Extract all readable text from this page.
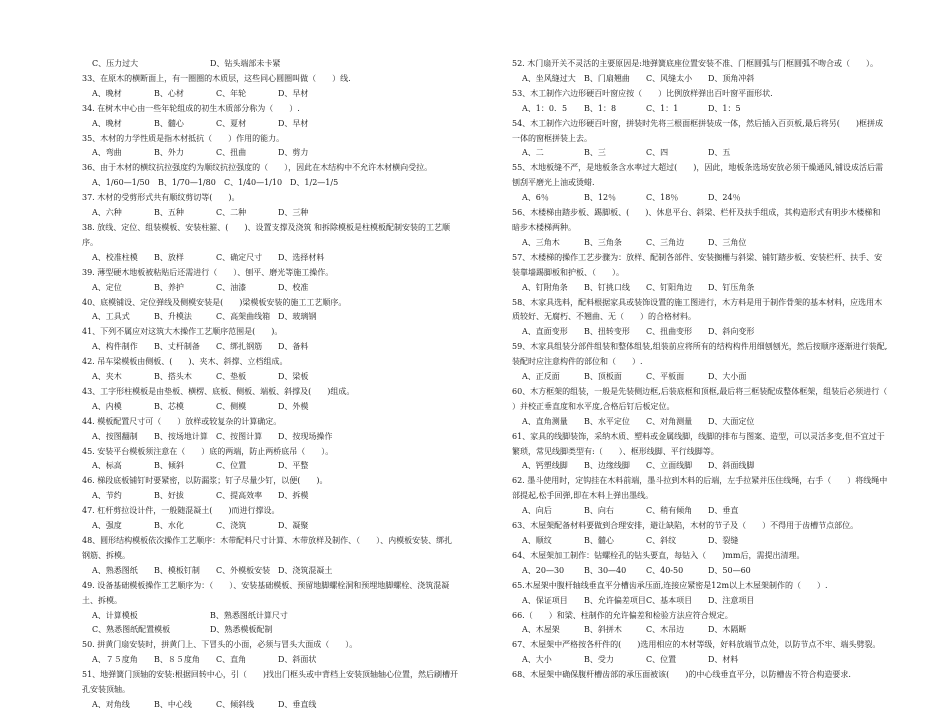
C、压力过大	D、钻头端部未卡紧

33、在原木的横断面上，有一圈圈的木质层，这些同心圆圈叫做（　　）线.

A、晚材	B、心材	C、年轮	D、早材

34. 在树木中心由一些年轮组成的初生木质部分称为（　　）.

A、晚材	B、髓心	C、夏材	D、早材

35、木材的力学性质是指木材抵抗（　　）作用的能力。

A、弯曲	B、外力	C、扭曲	D、剪力

36、由于木材的横纹抗拉强度约为顺纹抗拉强度的（　　），因此在木结构中不允许木材横向受拉。

A、1/60—1/50	B、1/70—1/80	C、1/40—1/10 D、1/2—1/5

37. 木材的受剪形式共有顺纹剪切等(　　)。

A、六种	B、五种	C、二种	D、三种

38. 放线、定位、组装模板、安装柱箍、(　　)、设置支撑及浇筑 和拆除模板是柱模板配制安装的工艺顺序。

A、校准柱模	B、放样	C、确定尺寸	D、选择材料

39. 薄型硬木地板被粘贴后还需进行（　　）、刨平、磨光等施工操作。

A、定位	B、养护	C、油漆	D、校准

40、底模铺设、定位弹线及侧模安装是(　　)梁模板安装的施工工艺顺序。

A、工具式	B、升模法	C、高架曲线箱 D、玻璃钢

41、下列不属应对这筑大木操作工艺顺序范围是(　　)。

A、构件制作	B、丈杆制备	C、绑扎钢筋	D、备料

42. 吊车梁模板由侧板、(　　)、夹木、斜撑、立档组成。

A、夹木	B、搭头木	C、垫板	D、梁板

43、工字形柱模板是由垫板、横楞、底板、侧板、端板、斜撑及(　　)组成。

A、内模	B、芯模	C、侧模	D、外模

44. 模板配置尺寸可（　　）放样或较复杂的计算确定。

A、按图翻制	B、按场地计算	C、按图计算	D、按现场操作

45. 安装平台模板须注意在（　　）底的两端，防止两桥底吊（　　）。

A、标高	B、倾斜	C、位置	D、平整

46. 梯段底板铺钉时要紧密，以防漏浆；钉子尽量少钉，以便(　　)。

A、节约	B、好拔	C、提高效率	D、拆模

47. 杠杆剪拉设计件，一般随混凝土(　　)而进行撑设。

A、强度	B、水化	C、浇筑	D、凝聚

48、圆形结构模板依次操作工艺顺序：木带配料尺寸计算、木带放样及制作、（　　）、内模板安装、绑扎钢筋、拆模。

A、熟悉图纸	B、模板钉制	C、外模板安装 D、浇筑混凝土

49. 设备基础模板操作工艺顺序为：（　　）、安装基础模板、预留地脚螺栓洞和预埋地脚螺栓、浇筑混凝土、拆模。

A、计算模板	B、熟悉图纸计算尺寸
C、熟悉图纸配置模板	D、熟悉模板配制

50. 拼黄门扇安装时，拼黄门上、下冒头的小面，必须与冒头大面成（　　）。

A、７５度角	B、８５度角	C、直角	D、斜面状

51、地弹簧门顶轴的安装:根据回转中心，引（　　)找出门框头或中背档上安装顶轴轴心位置，然后刷槽开孔安装顶轴。

A、对角线	B、中心线	C、倾斜线	D、垂直线

52. 木门扇开关不灵活的主要原因是:地弹簧底座位置安装不准、门框圆弧与门框圆弧不吻合或（　　）。

A、坐风缝过大	B、门扇翘曲	C、风缝太小	D、顶角冲斜

53、木工制作六边形硬百叶窗应按（　　）比例放样弹出百叶窗平面形状.

A、1：0．5	B、1：8	C、1：1	D、1：5

54、木工制作六边形硬百叶窗，拼装时先将三根面框拼装成一体，然后插入百页板,最后将另(　　)框拼成一体的窗框拼装上去。

A、二	B、三	C、四	D、五

55、木地板缝不严，是地板条含水率过大超过(　　)，因此，地板条选场安放必须干燥通风,铺设成活后需刨刮平磨光上油或烫蜡.

A、6％	B、12％	C、18％	D、24％

56、木楼梯由踏步板、踢脚板、(　　)、休息平台、斜梁、栏杆及扶手组成，其构造形式有明步木楼梯和暗步木楼梯两种。

A、三角木	B、三角条	C、三角边	D、三角位

57、木楼梯的操作工艺步骤为：放样、配制各部件、安装搁栅与斜梁、铺钉踏步板、安装栏杆、扶手、安装靠墙踢脚板和护板、（　　）。

A、钉附角条	B、钉挑口线	C、钉阳角边	D、钉压角条

58、木家具选料，配料根据家具或装饰设置的施工图进行，木方料是用于制作骨架的基本材料，应选用木质较好、无腐朽、不翘曲、无（　　）的合格材料。

A、直面变形	B、扭转变形	C、扭曲变形	D、斜向变形

59、木家具组装分部件组装和整体组装,组装前应将所有的结构构件用细刨刨光，然后按顺序逐渐进行装配,装配时应注意构件的部位和（　　）.

A、正反面	B、顶板面	C、平板面	D、大小面

60、木方框架的组装，一般是先装侧边框,后装底框和顶框,最后将三框装配成整体框架，组装后必须进行（　　）并校正垂直度和水平度,合格后钉后板定位。

A、直角测量	B、水平定位	C、对角测量	D、大面定位

61、家具的线脚装饰，采纳木质、塑料或金属线脚，线脚的排布与图案、造型，可以灵活多变,但不宜过于繁琐，常见线脚类型有:（　　）、框形线脚、平行线脚等。

A、钙塑线脚	B、边缘线脚	C、立面线脚	D、斜面线脚

62. 墨斗使用时，定钩挂在木料前端，墨斗拉到木料的后端，左手拉紧并压住线绳，右手（　　）将线绳中部提起,松手回弹,即在木料上弹出墨线。

A、向后	B、向右	C、稍有倾角	D、垂直

63、木屋架配备材料要做到合理安排，避让缺陷，木材的节子及（　　）不得用于齿槽节点部位。

A、顺纹	B、髓心	C、斜纹	D、裂缝

64、木屋架加工制作：钻螺栓孔的钻头要直，每钻入（　　)mm后，需提出清理。

A、20—30	B、30—40	C、40-50	D、50—60

65.木屋架中腹杆轴线垂直平分槽齿承压面,连接应紧密是12m以上木屋架制作的（　　）.

A、保证项目	B、允许偏差项目 C、基本项目	D、注意项目

66.（　　）和梁、柱制作的允许偏差和检验方法应符合规定。

A、木屋架	B、斜拼木	C、木吊边	D、木隔断

67、木屋架中严格按各杆件的(　　)选用相应的木材等级，好料放端节点处，以防节点不牢、端头劈裂。

A、大小	B、受力	C、位置	D、材料

68、木屋架中确保腹杆槽齿部的承压面被该(　　)的中心线垂直平分，以防槽齿不符合构造要求.
